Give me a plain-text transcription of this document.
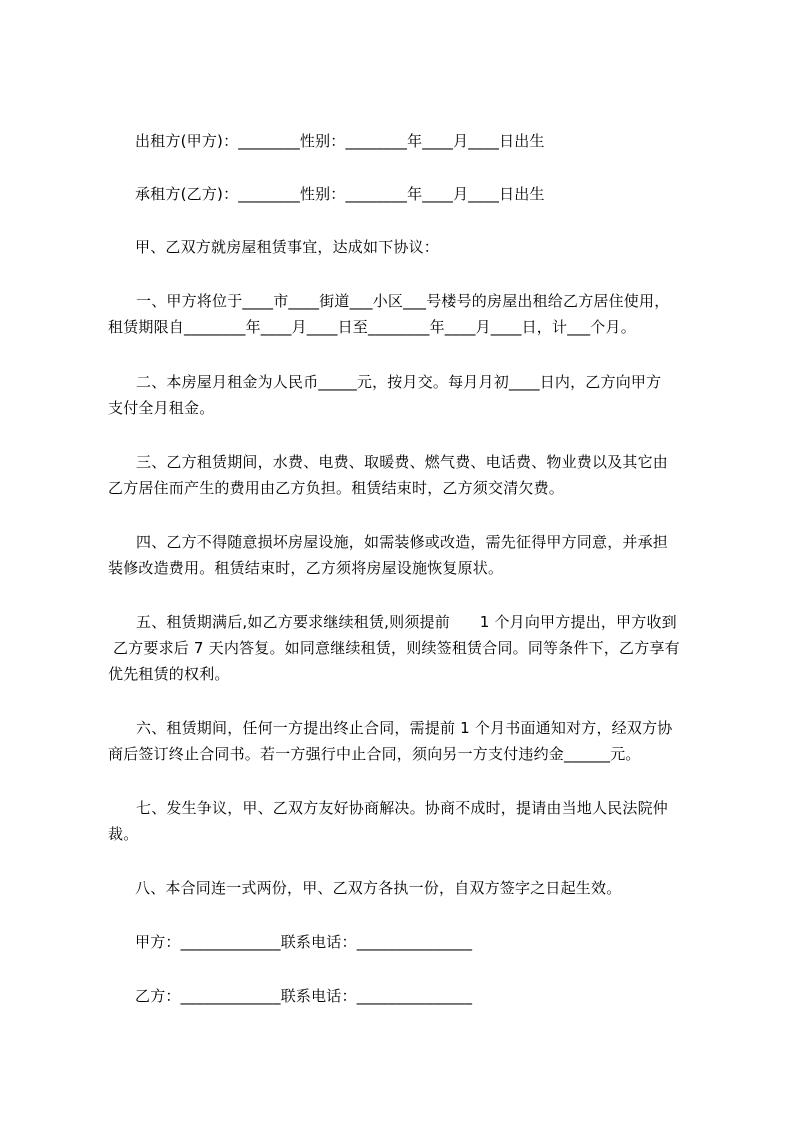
出租方(甲方)：________性别：________年____月____日出生
承租方(乙方)：________性别：________年____月____日出生
甲、乙双方就房屋租赁事宜，达成如下协议：
一、甲方将位于____市____街道___小区___号楼号的房屋出租给乙方居住使用，
租赁期限自________年____月____日至________年____月____日，计___个月。
二、本房屋月租金为人民币_____元，按月交。每月月初____日内，乙方向甲方
支付全月租金。
三、乙方租赁期间，水费、电费、取暖费、燃气费、电话费、物业费以及其它由
乙方居住而产生的费用由乙方负担。租赁结束时，乙方须交清欠费。
四、乙方不得随意损坏房屋设施，如需装修或改造，需先征得甲方同意，并承担
装修改造费用。租赁结束时，乙方须将房屋设施恢复原状。
五、租赁期满后,如乙方要求继续租赁,则须提前      1 个月向甲方提出，甲方收到
乙方要求后 7 天内答复。如同意继续租赁，则续签租赁合同。同等条件下，乙方享有
优先租赁的权利。
六、租赁期间，任何一方提出终止合同，需提前 1 个月书面通知对方，经双方协
商后签订终止合同书。若一方强行中止合同，须向另一方支付违约金______元。
七、发生争议，甲、乙双方友好协商解决。协商不成时，提请由当地人民法院仲
裁。
八、本合同连一式两份，甲、乙双方各执一份，自双方签字之日起生效。
甲方：_____________联系电话：_______________
乙方：_____________联系电话：_______________
